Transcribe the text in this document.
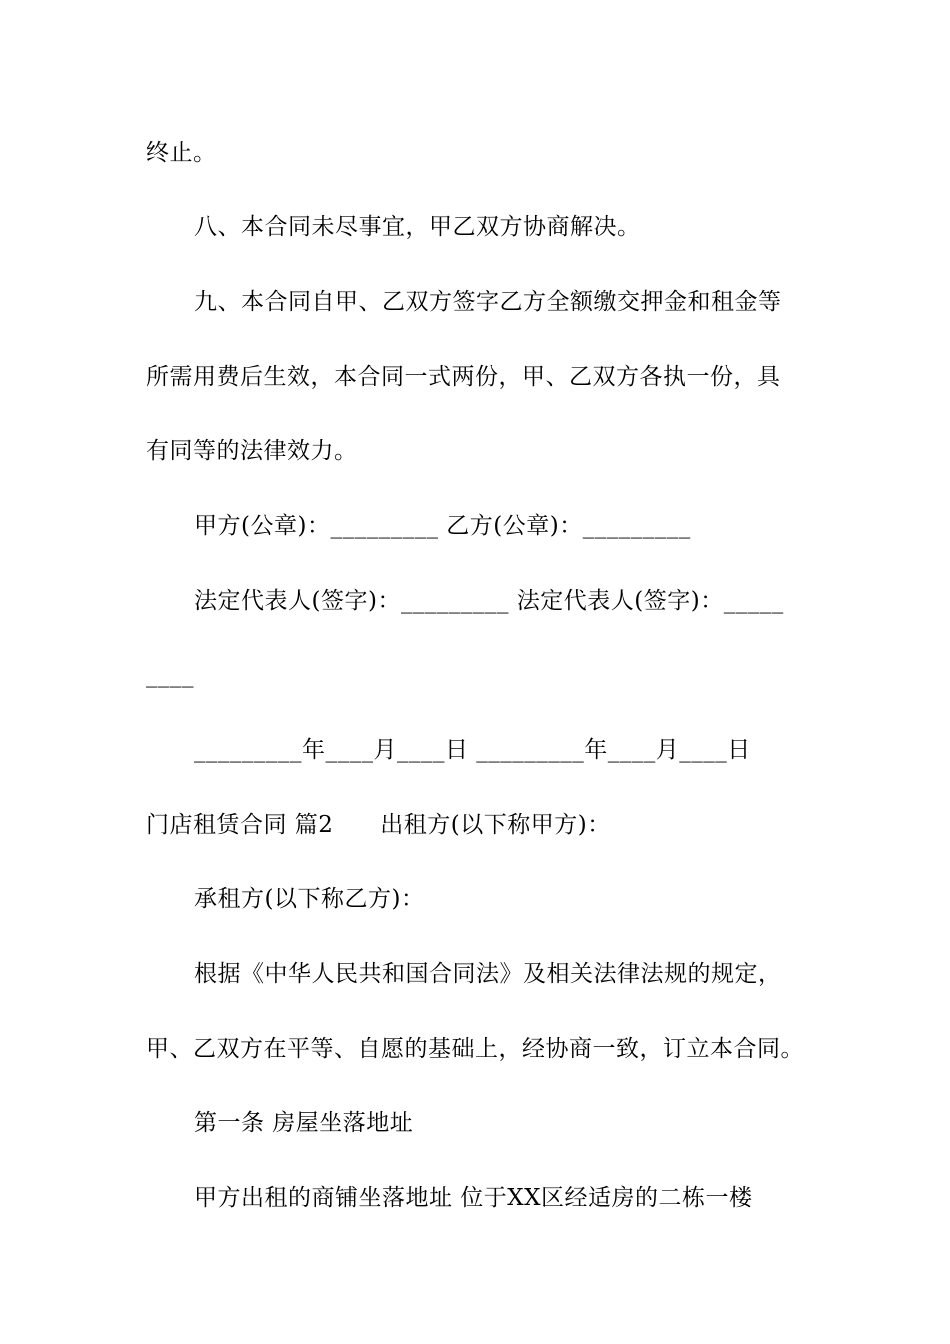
终止。
八、本合同未尽事宜，甲乙双方协商解决。
九、本合同自甲、乙双方签字乙方全额缴交押金和租金等
所需用费后生效，本合同一式两份，甲、乙双方各执一份，具
有同等的法律效力。
甲方(公章)：_________ 乙方(公章)：_________
法定代表人(签字)：_________ 法定代表人(签字)：_____
____
_________年____月____日 _________年____月____日
门店租赁合同 篇2      出租方(以下称甲方)：
承租方(以下称乙方)：
根据《中华人民共和国合同法》及相关法律法规的规定，
甲、乙双方在平等、自愿的基础上，经协商一致，订立本合同。
第一条 房屋坐落地址
甲方出租的商铺坐落地址 位于XX区经适房的二栋一楼
